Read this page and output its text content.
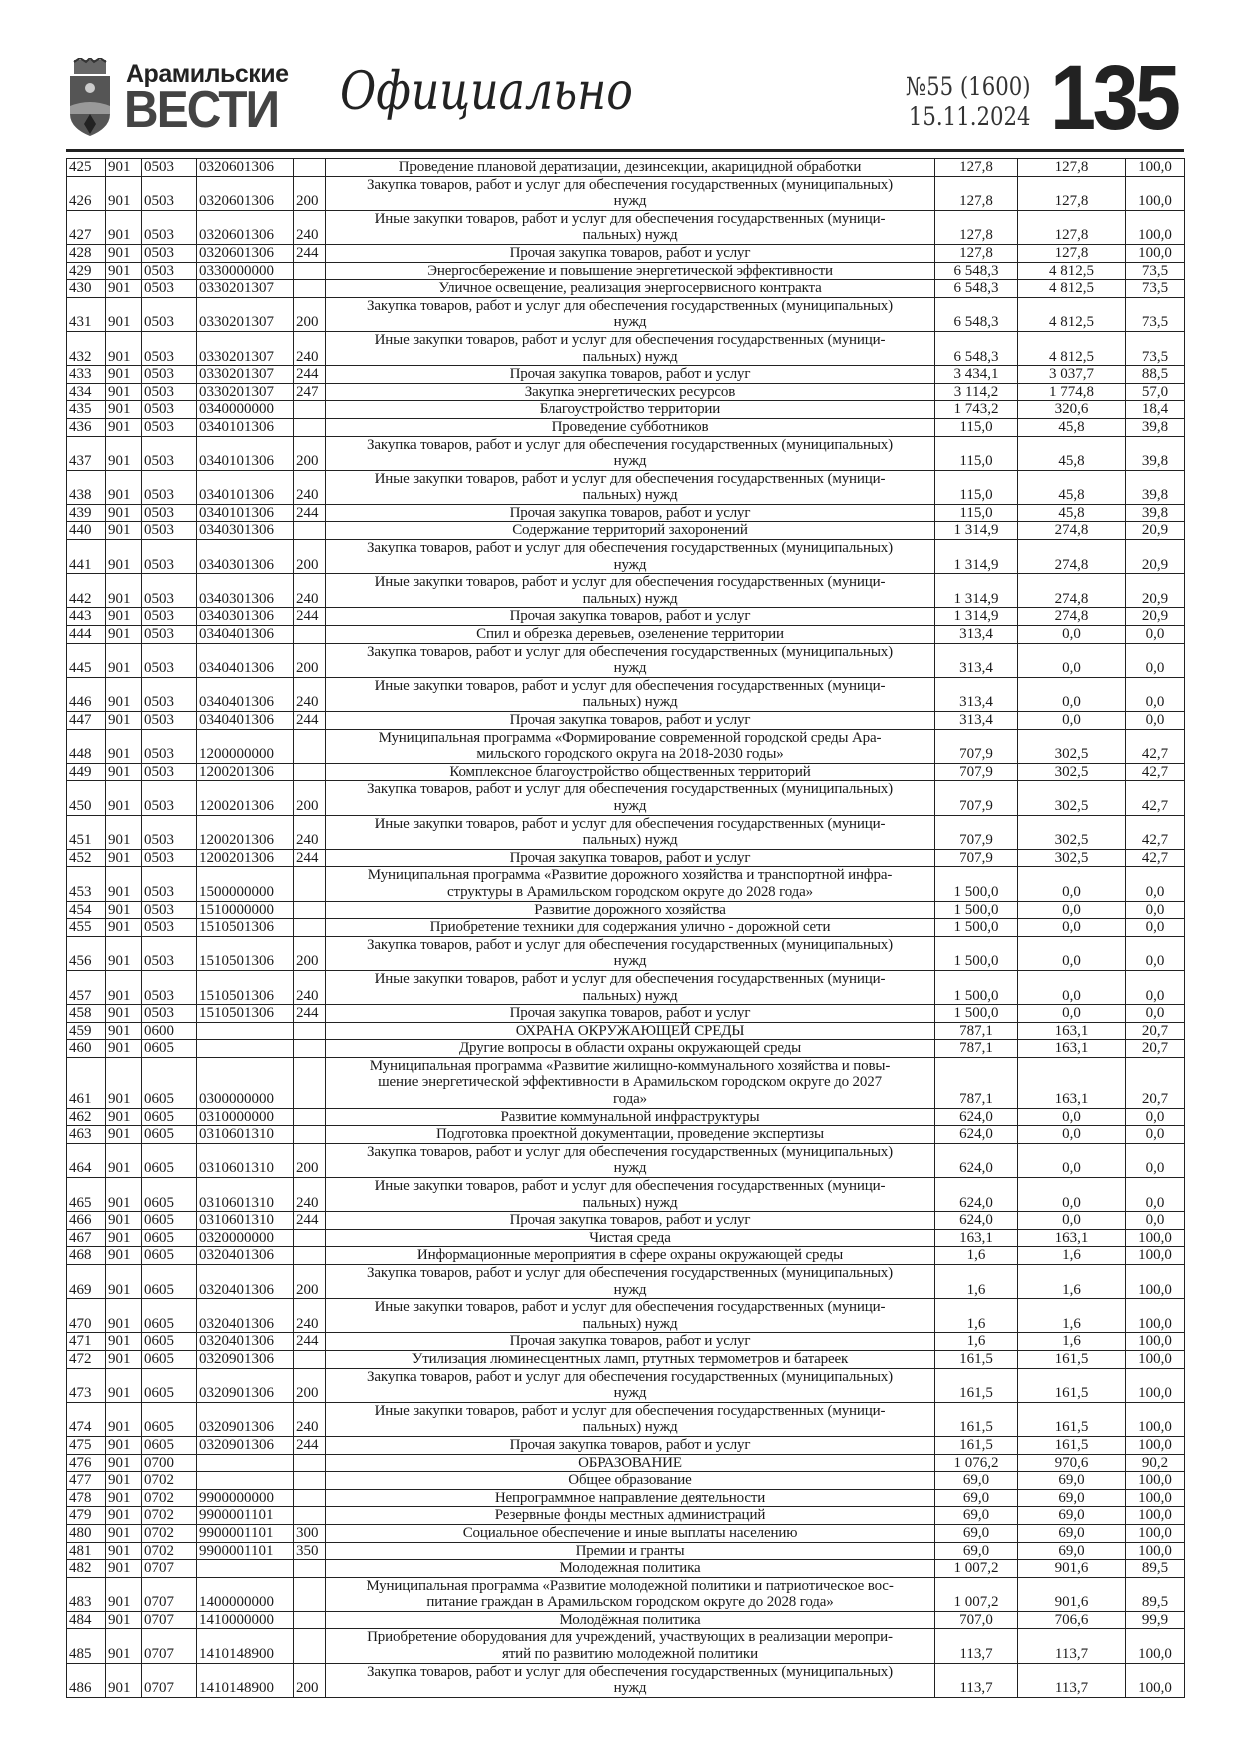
Арамильские
ВЕСТИ Официально	№55 (1600)
15.11.2024 135
425	901	0503	0320601306		Проведение плановой дератизации, дезинсекции, акарицидной обработки	127,8	127,8	100,0
426	901	0503	0320601306	200	Закупка товаров, работ и услуг для обеспечения государственных (муниципальных)
нужд	127,8	127,8	100,0
427	901	0503	0320601306	240	Иные закупки товаров, работ и услуг для обеспечения государственных (муници-
пальных) нужд	127,8	127,8	100,0
428	901	0503	0320601306	244	Прочая закупка товаров, работ и услуг	127,8	127,8	100,0
429	901	0503	0330000000		Энергосбережение и повышение энергетической эффективности	6 548,3	4 812,5	73,5
430	901	0503	0330201307		Уличное освещение, реализация энергосервисного контракта	6 548,3	4 812,5	73,5
431	901	0503	0330201307	200	Закупка товаров, работ и услуг для обеспечения государственных (муниципальных)
нужд	6 548,3	4 812,5	73,5
432	901	0503	0330201307	240	Иные закупки товаров, работ и услуг для обеспечения государственных (муници-
пальных) нужд	6 548,3	4 812,5	73,5
433	901	0503	0330201307	244	Прочая закупка товаров, работ и услуг	3 434,1	3 037,7	88,5
434	901	0503	0330201307	247	Закупка энергетических ресурсов	3 114,2	1 774,8	57,0
435	901	0503	0340000000		Благоустройство территории	1 743,2	320,6	18,4
436	901	0503	0340101306		Проведение субботников	115,0	45,8	39,8
437	901	0503	0340101306	200	Закупка товаров, работ и услуг для обеспечения государственных (муниципальных)
нужд	115,0	45,8	39,8
438	901	0503	0340101306	240	Иные закупки товаров, работ и услуг для обеспечения государственных (муници-
пальных) нужд	115,0	45,8	39,8
439	901	0503	0340101306	244	Прочая закупка товаров, работ и услуг	115,0	45,8	39,8
440	901	0503	0340301306		Содержание территорий захоронений	1 314,9	274,8	20,9
441	901	0503	0340301306	200	Закупка товаров, работ и услуг для обеспечения государственных (муниципальных)
нужд	1 314,9	274,8	20,9
442	901	0503	0340301306	240	Иные закупки товаров, работ и услуг для обеспечения государственных (муници-
пальных) нужд	1 314,9	274,8	20,9
443	901	0503	0340301306	244	Прочая закупка товаров, работ и услуг	1 314,9	274,8	20,9
444	901	0503	0340401306		Спил и обрезка деревьев, озеленение территории	313,4	0,0	0,0
445	901	0503	0340401306	200	Закупка товаров, работ и услуг для обеспечения государственных (муниципальных)
нужд	313,4	0,0	0,0
446	901	0503	0340401306	240	Иные закупки товаров, работ и услуг для обеспечения государственных (муници-
пальных) нужд	313,4	0,0	0,0
447	901	0503	0340401306	244	Прочая закупка товаров, работ и услуг	313,4	0,0	0,0
448	901	0503	1200000000		Муниципальная программа «Формирование современной городской среды Ара-
мильского городского округа на 2018-2030 годы»	707,9	302,5	42,7
449	901	0503	1200201306		Комплексное благоустройство общественных территорий	707,9	302,5	42,7
450	901	0503	1200201306	200	Закупка товаров, работ и услуг для обеспечения государственных (муниципальных)
нужд	707,9	302,5	42,7
451	901	0503	1200201306	240	Иные закупки товаров, работ и услуг для обеспечения государственных (муници-
пальных) нужд	707,9	302,5	42,7
452	901	0503	1200201306	244	Прочая закупка товаров, работ и услуг	707,9	302,5	42,7
453	901	0503	1500000000		Муниципальная программа «Развитие дорожного хозяйства и транспортной инфра-
структуры в Арамильском городском округе до 2028 года»	1 500,0	0,0	0,0
454	901	0503	1510000000		Развитие дорожного хозяйства	1 500,0	0,0	0,0
455	901	0503	1510501306		Приобретение техники для содержания улично - дорожной сети	1 500,0	0,0	0,0
456	901	0503	1510501306	200	Закупка товаров, работ и услуг для обеспечения государственных (муниципальных)
нужд	1 500,0	0,0	0,0
457	901	0503	1510501306	240	Иные закупки товаров, работ и услуг для обеспечения государственных (муници-
пальных) нужд	1 500,0	0,0	0,0
458	901	0503	1510501306	244	Прочая закупка товаров, работ и услуг	1 500,0	0,0	0,0
459	901	0600			ОХРАНА ОКРУЖАЮЩЕЙ СРЕДЫ	787,1	163,1	20,7
460	901	0605			Другие вопросы в области охраны окружающей среды	787,1	163,1	20,7
461	901	0605	0300000000		Муниципальная программа «Развитие жилищно-коммунального хозяйства и повы-
шение энергетической эффективности в Арамильском городском округе до 2027
года»	787,1	163,1	20,7
462	901	0605	0310000000		Развитие коммунальной инфраструктуры	624,0	0,0	0,0
463	901	0605	0310601310		Подготовка проектной документации, проведение экспертизы	624,0	0,0	0,0
464	901	0605	0310601310	200	Закупка товаров, работ и услуг для обеспечения государственных (муниципальных)
нужд	624,0	0,0	0,0
465	901	0605	0310601310	240	Иные закупки товаров, работ и услуг для обеспечения государственных (муници-
пальных) нужд	624,0	0,0	0,0
466	901	0605	0310601310	244	Прочая закупка товаров, работ и услуг	624,0	0,0	0,0
467	901	0605	0320000000		Чистая среда	163,1	163,1	100,0
468	901	0605	0320401306		Информационные мероприятия в сфере охраны окружающей среды	1,6	1,6	100,0
469	901	0605	0320401306	200	Закупка товаров, работ и услуг для обеспечения государственных (муниципальных)
нужд	1,6	1,6	100,0
470	901	0605	0320401306	240	Иные закупки товаров, работ и услуг для обеспечения государственных (муници-
пальных) нужд	1,6	1,6	100,0
471	901	0605	0320401306	244	Прочая закупка товаров, работ и услуг	1,6	1,6	100,0
472	901	0605	0320901306		Утилизация люминесцентных ламп, ртутных термометров и батареек	161,5	161,5	100,0
473	901	0605	0320901306	200	Закупка товаров, работ и услуг для обеспечения государственных (муниципальных)
нужд	161,5	161,5	100,0
474	901	0605	0320901306	240	Иные закупки товаров, работ и услуг для обеспечения государственных (муници-
пальных) нужд	161,5	161,5	100,0
475	901	0605	0320901306	244	Прочая закупка товаров, работ и услуг	161,5	161,5	100,0
476	901	0700			ОБРАЗОВАНИЕ	1 076,2	970,6	90,2
477	901	0702			Общее образование	69,0	69,0	100,0
478	901	0702	9900000000		Непрограммное направление деятельности	69,0	69,0	100,0
479	901	0702	9900001101		Резервные фонды местных администраций	69,0	69,0	100,0
480	901	0702	9900001101	300	Социальное обеспечение и иные выплаты населению	69,0	69,0	100,0
481	901	0702	9900001101	350	Премии и гранты	69,0	69,0	100,0
482	901	0707			Молодежная политика	1 007,2	901,6	89,5
483	901	0707	1400000000		Муниципальная программа «Развитие молодежной политики и патриотическое вос-
питание граждан в Арамильском городском округе до 2028 года»	1 007,2	901,6	89,5
484	901	0707	1410000000		Молодёжная политика	707,0	706,6	99,9
485	901	0707	1410148900		Приобретение оборудования для учреждений, участвующих в реализации меропри-
ятий по развитию молодежной политики	113,7	113,7	100,0
486	901	0707	1410148900	200	Закупка товаров, работ и услуг для обеспечения государственных (муниципальных)
нужд	113,7	113,7	100,0
